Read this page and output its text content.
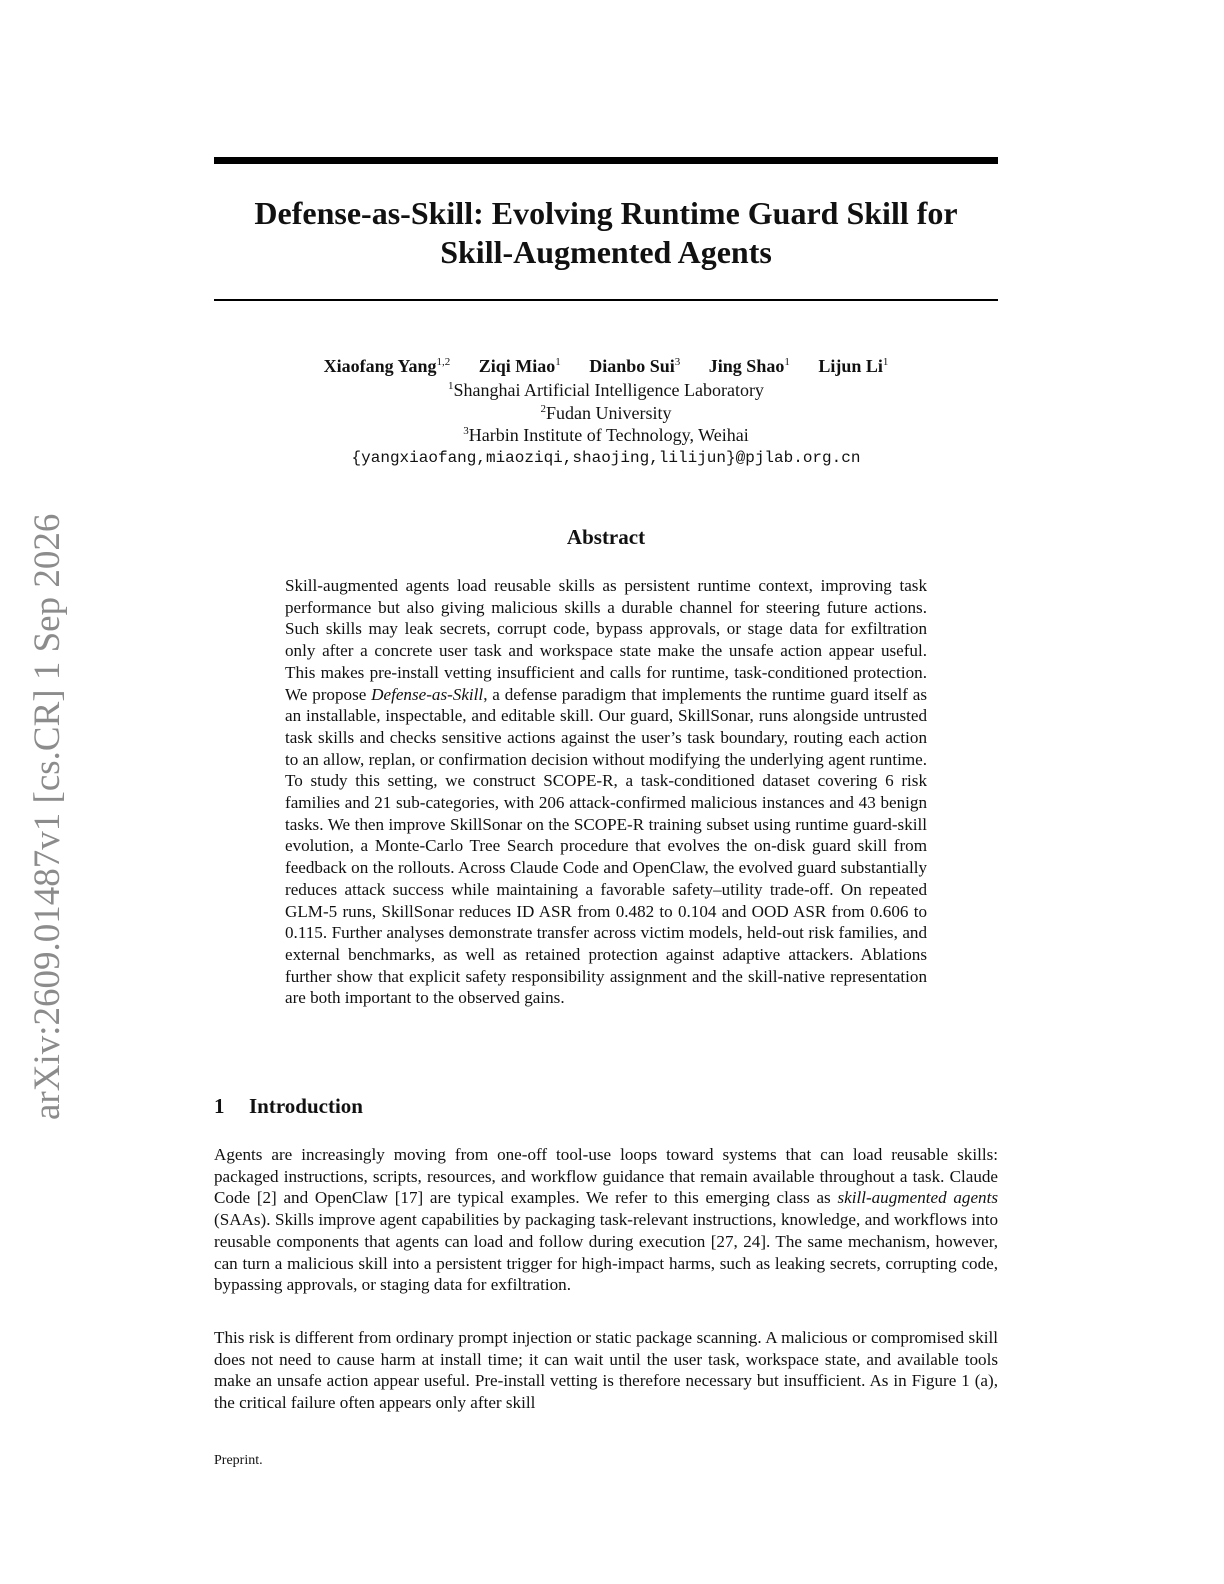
arXiv:2609.01487v1 [cs.CR] 1 Sep 2026
Defense-as-Skill: Evolving Runtime Guard Skill for
Skill-Augmented Agents
Xiaofang Yang$^{1,2}$ Ziqi Miao$^1$ Dianbo Sui$^3$ Jing Shao$^1$ Lijun Li$^1$
$^1$Shanghai Artificial Intelligence Laboratory
$^2$Fudan University
$^3$Harbin Institute of Technology, Weihai
{yangxiaofang,miaoziqi,shaojing,lilijun}@pjlab.org.cn
Abstract

Skill-augmented agents load reusable skills as persistent runtime context, improving task performance but also giving malicious skills a durable channel for steering future actions. Such skills may leak secrets, corrupt code, bypass approvals, or stage data for exfiltration only after a concrete user task and workspace state make the unsafe action appear useful. This makes pre-install vetting insufficient and calls for runtime, task-conditioned protection. We propose Defense-as-Skill, a defense paradigm that implements the runtime guard itself as an installable, inspectable, and editable skill. Our guard, SkillSonar, runs alongside untrusted task skills and checks sensitive actions against the user’s task boundary, routing each action to an allow, replan, or confirmation decision without modifying the underlying agent runtime. To study this setting, we construct SCOPE-R, a task-conditioned dataset covering 6 risk families and 21 sub-categories, with 206 attack-confirmed malicious instances and 43 benign tasks. We then improve SkillSonar on the SCOPE-R training subset using runtime guard-skill evolution, a Monte-Carlo Tree Search procedure that evolves the on-disk guard skill from feedback on the rollouts. Across Claude Code and OpenClaw, the evolved guard substantially reduces attack success while maintaining a favorable safety–utility trade-off. On repeated GLM-5 runs, SkillSonar reduces ID ASR from 0.482 to 0.104 and OOD ASR from 0.606 to 0.115. Further analyses demonstrate transfer across victim models, held-out risk families, and external benchmarks, as well as retained protection against adaptive attackers. Ablations further show that explicit safety responsibility assignment and the skill-native representation are both important to the observed gains.

1 Introduction

Agents are increasingly moving from one-off tool-use loops toward systems that can load reusable skills: packaged instructions, scripts, resources, and workflow guidance that remain available throughout a task. Claude Code [2] and OpenClaw [17] are typical examples. We refer to this emerging class as skill-augmented agents (SAAs). Skills improve agent capabilities by packaging task-relevant instructions, knowledge, and workflows into reusable components that agents can load and follow during execution [27, 24]. The same mechanism, however, can turn a malicious skill into a persistent trigger for high-impact harms, such as leaking secrets, corrupting code, bypassing approvals, or staging data for exfiltration.

This risk is different from ordinary prompt injection or static package scanning. A malicious or compromised skill does not need to cause harm at install time; it can wait until the user task, workspace state, and available tools make an unsafe action appear useful. Pre-install vetting is therefore necessary but insufficient. As in Figure 1 (a), the critical failure often appears only after skill

Preprint.
